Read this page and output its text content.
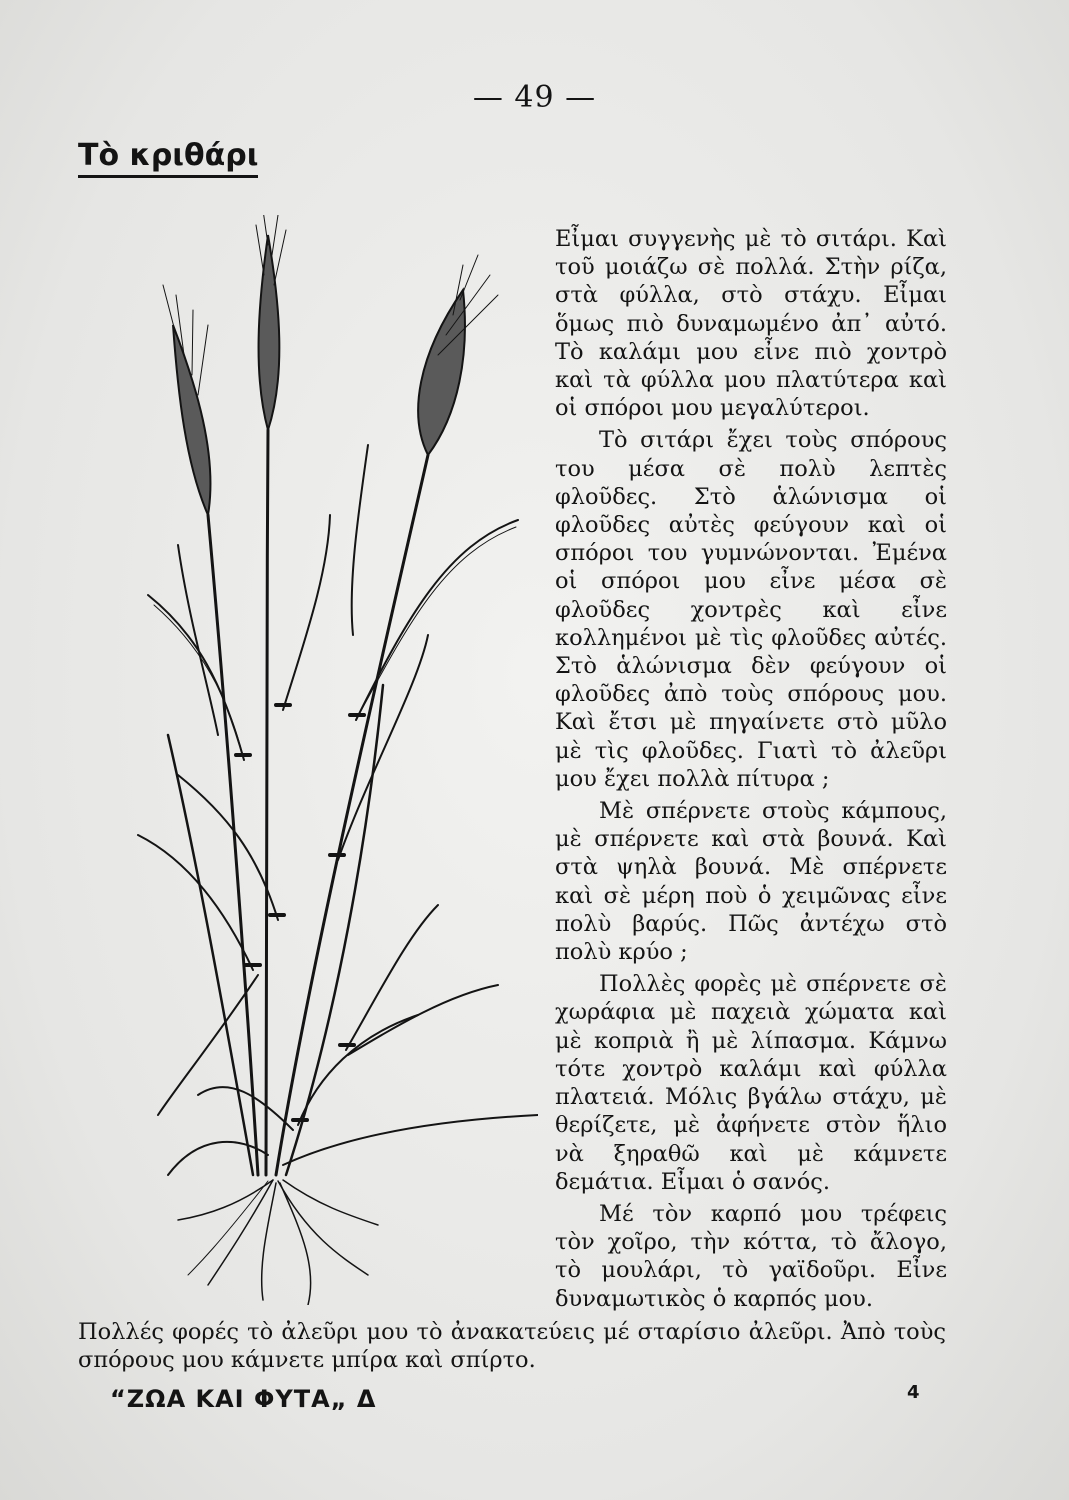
— 49 —
Τὸ κριθάρι

Εἶμαι συγγενὴς μὲ τὸ σιτάρι. Καὶ τοῦ μοιάζω σὲ πολλά. Στὴν ρίζα, στὰ φύλλα, στὸ στάχυ. Εἶμαι ὅμως πιὸ δυναμωμένο ἀπ᾿ αὐτό. Τὸ καλάμι μου εἶνε πιὸ χοντρὸ καὶ τὰ φύλλα μου πλατύτερα καὶ οἱ σπόροι μου μεγαλύτεροι.

Τὸ σιτάρι ἔχει τοὺς σπόρους του μέσα σὲ πολὺ λεπτὲς φλοῦδες. Στὸ ἁλώνισμα οἱ φλοῦδες αὐτὲς φεύγουν καὶ οἱ σπόροι του γυμνώνονται. Ἐμένα οἱ σπόροι μου εἶνε μέσα σὲ φλοῦδες χοντρὲς καὶ εἶνε κολλημένοι μὲ τὶς φλοῦδες αὐτές. Στὸ ἁλώνισμα δὲν φεύγουν οἱ φλοῦδες ἀπὸ τοὺς σπόρους μου. Καὶ ἔτσι μὲ πηγαίνετε στὸ μῦλο μὲ τὶς φλοῦδες. Γιατὶ τὸ ἀλεῦρι μου ἔχει πολλὰ πίτυρα ;

Μὲ σπέρνετε στοὺς κάμπους, μὲ σπέρνετε καὶ στὰ βουνά. Καὶ στὰ ψηλὰ βουνά. Μὲ σπέρνετε καὶ σὲ μέρη ποὺ ὁ χειμῶνας εἶνε πολὺ βαρύς. Πῶς ἀντέχω στὸ πολὺ κρύο ;

Πολλὲς φορὲς μὲ σπέρνετε σὲ χωράφια μὲ παχειὰ χώματα καὶ μὲ κοπριὰ ἢ μὲ λίπασμα. Κάμνω τότε χοντρὸ καλάμι καὶ φύλλα πλατειά. Μόλις βγάλω στάχυ, μὲ θερίζετε, μὲ ἀφήνετε στὸν ἥλιο νὰ ξηραθῶ καὶ μὲ κάμνετε δεμάτια. Εἶμαι ὁ σανός.

Μέ τὸν καρπό μου τρέφεις τὸν χοῖρο, τὴν κόττα, τὸ ἄλογο, τὸ μουλάρι, τὸ γαϊδοῦρι. Εἶνε δυναμωτικὸς ὁ καρπός μου.

Πολλές φορές τὸ ἀλεῦρι μου τὸ ἀνακατεύεις μέ σταρίσιο ἀλεῦρι. Ἀπὸ τοὺς σπόρους μου κάμνετε μπίρα καὶ σπίρτο.
“ΖΩΑ ΚΑΙ ΦΥΤΑ„ Δ	4
